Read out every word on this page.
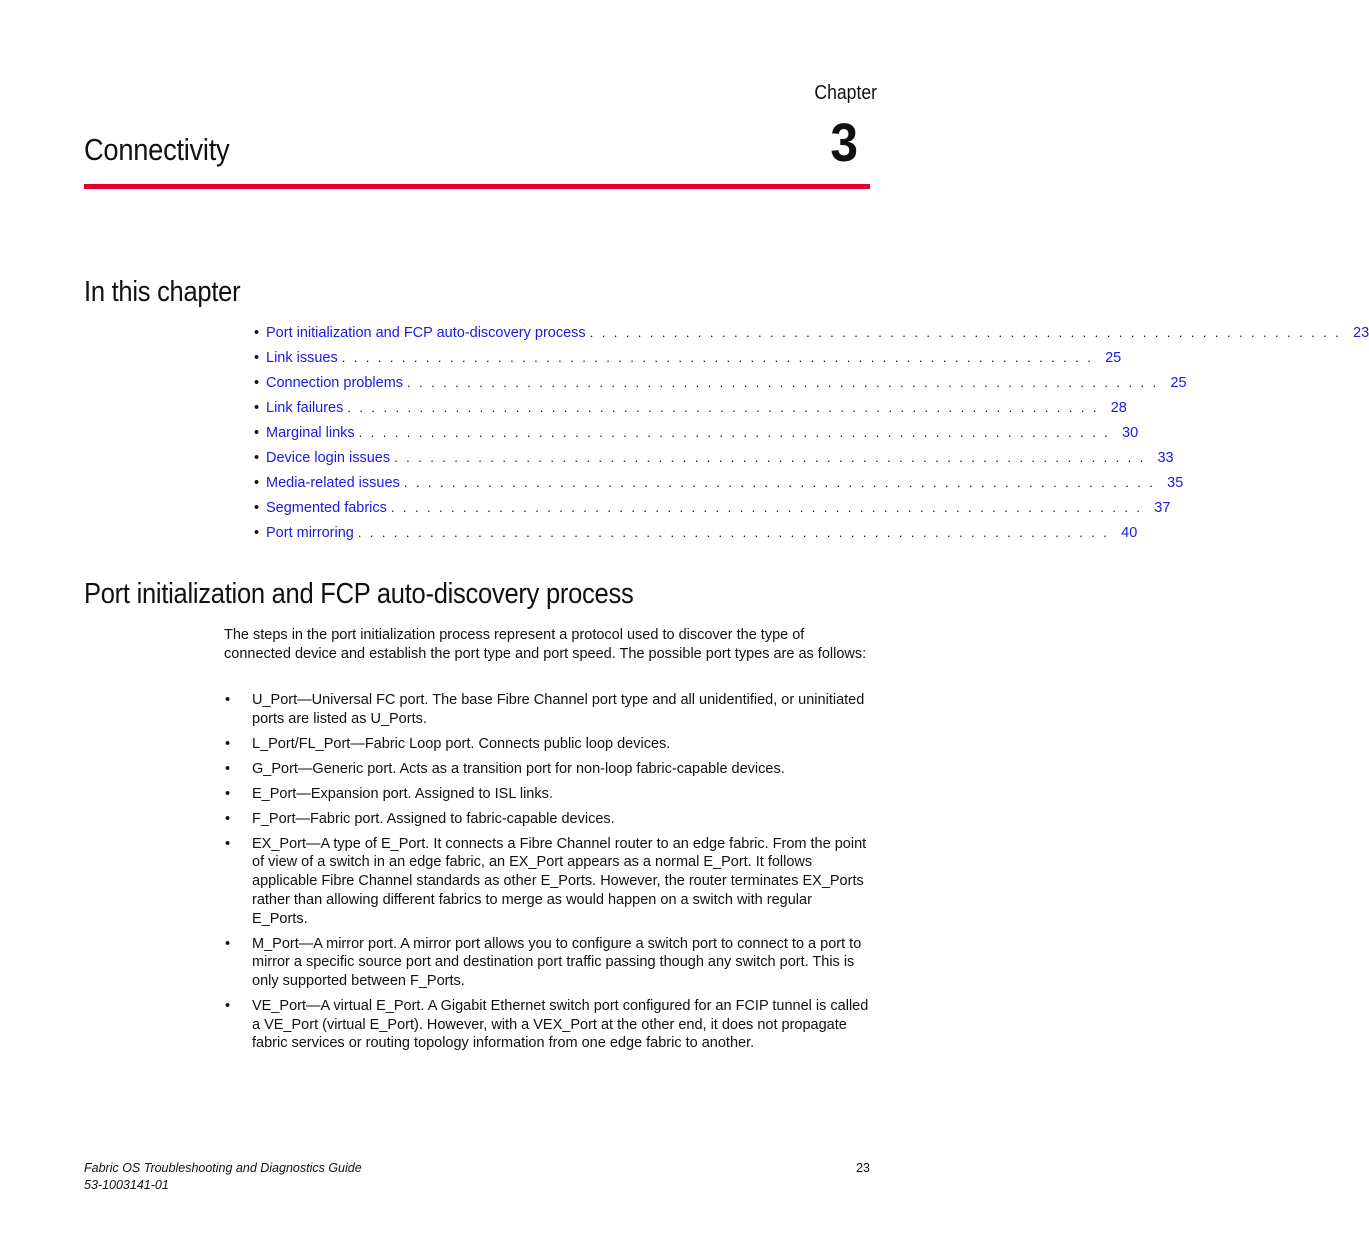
Chapter
3
Connectivity
In this chapter
• Port initialization and FCP auto-discovery process . . . . . . . . . . . . . . . . . . . . . . . . . . . . . . . . . . . . . . . . . . . . . . . . . . . . . . . . . . . . . . . 23
• Link issues . . . . . . . . . . . . . . . . . . . . . . . . . . . . . . . . . . . . . . . . . . . . . . . . . . . . . . . . . . . . . . . 25
• Connection problems . . . . . . . . . . . . . . . . . . . . . . . . . . . . . . . . . . . . . . . . . . . . . . . . . . . . . . . . . . . . . . . 25
• Link failures . . . . . . . . . . . . . . . . . . . . . . . . . . . . . . . . . . . . . . . . . . . . . . . . . . . . . . . . . . . . . . . 28
• Marginal links . . . . . . . . . . . . . . . . . . . . . . . . . . . . . . . . . . . . . . . . . . . . . . . . . . . . . . . . . . . . . . . 30
• Device login issues . . . . . . . . . . . . . . . . . . . . . . . . . . . . . . . . . . . . . . . . . . . . . . . . . . . . . . . . . . . . . . . 33
• Media-related issues . . . . . . . . . . . . . . . . . . . . . . . . . . . . . . . . . . . . . . . . . . . . . . . . . . . . . . . . . . . . . . . 35
• Segmented fabrics . . . . . . . . . . . . . . . . . . . . . . . . . . . . . . . . . . . . . . . . . . . . . . . . . . . . . . . . . . . . . . . 37
• Port mirroring . . . . . . . . . . . . . . . . . . . . . . . . . . . . . . . . . . . . . . . . . . . . . . . . . . . . . . . . . . . . . . . 40
Port initialization and FCP auto-discovery process

The steps in the port initialization process represent a protocol used to discover the type of connected device and establish the port type and port speed. The possible port types are as follows:

• U_Port—Universal FC port. The base Fibre Channel port type and all unidentified, or uninitiated ports are listed as U_Ports.
• L_Port/FL_Port—Fabric Loop port. Connects public loop devices.
• G_Port—Generic port. Acts as a transition port for non-loop fabric-capable devices.
• E_Port—Expansion port. Assigned to ISL links.
• F_Port—Fabric port. Assigned to fabric-capable devices.
• EX_Port—A type of E_Port. It connects a Fibre Channel router to an edge fabric. From the point of view of a switch in an edge fabric, an EX_Port appears as a normal E_Port. It follows applicable Fibre Channel standards as other E_Ports. However, the router terminates EX_Ports rather than allowing different fabrics to merge as would happen on a switch with regular E_Ports.
• M_Port—A mirror port. A mirror port allows you to configure a switch port to connect to a port to mirror a specific source port and destination port traffic passing though any switch port. This is only supported between F_Ports.
• VE_Port—A virtual E_Port. A Gigabit Ethernet switch port configured for an FCIP tunnel is called a VE_Port (virtual E_Port). However, with a VEX_Port at the other end, it does not propagate fabric services or routing topology information from one edge fabric to another.
Fabric OS Troubleshooting and Diagnostics Guide
53-1003141-01
23
